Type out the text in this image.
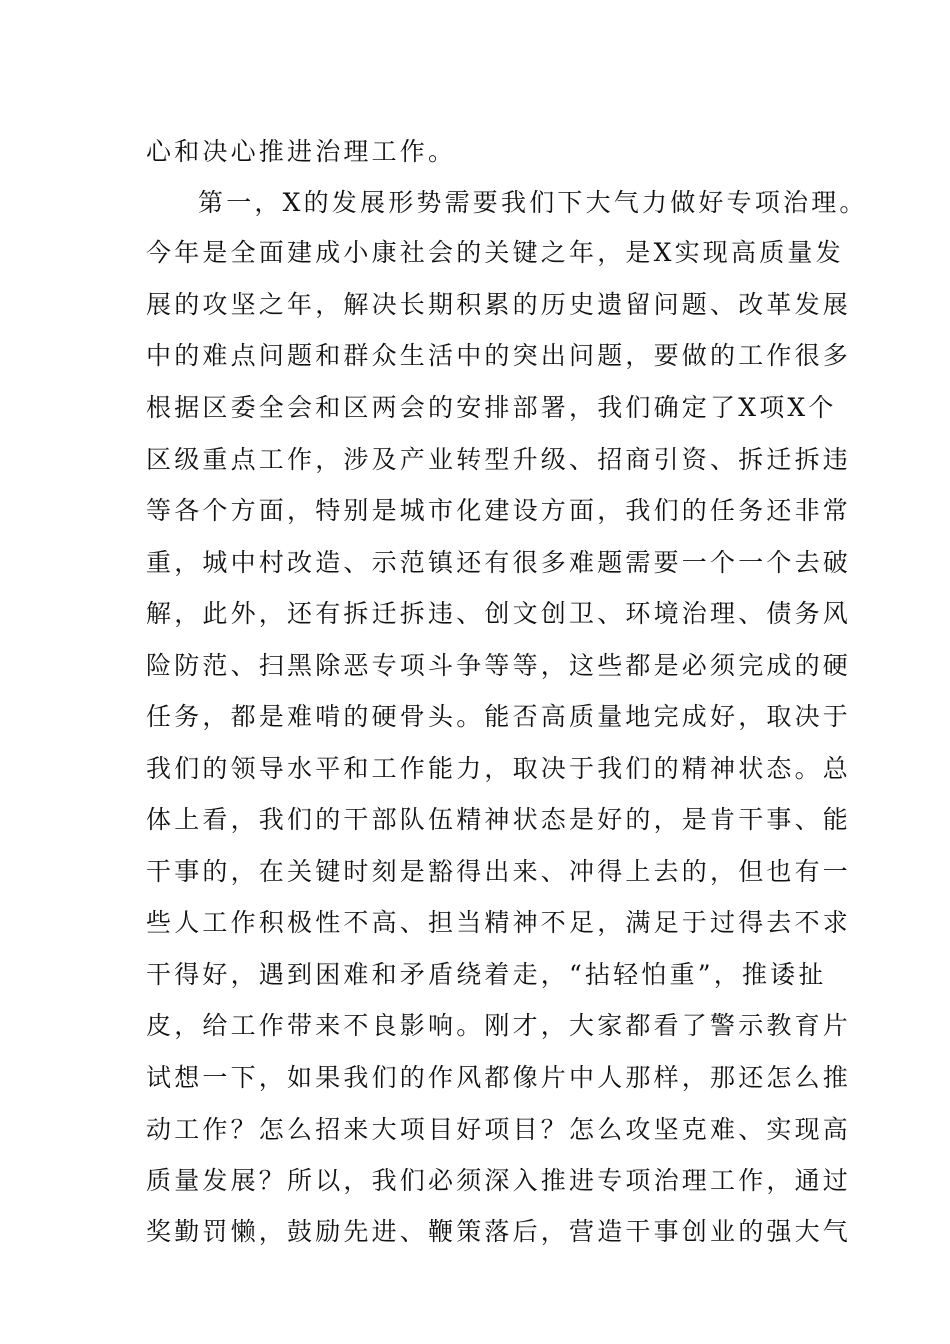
心和决心推进治理工作。
第一，X的发展形势需要我们下大气力做好专项治理。
今年是全面建成小康社会的关键之年，是X实现高质量发
展的攻坚之年，解决长期积累的历史遗留问题、改革发展
中的难点问题和群众生活中的突出问题，要做的工作很多
根据区委全会和区两会的安排部署，我们确定了X项X个
区级重点工作，涉及产业转型升级、招商引资、拆迁拆违
等各个方面，特别是城市化建设方面，我们的任务还非常
重，城中村改造、示范镇还有很多难题需要一个一个去破
解，此外，还有拆迁拆违、创文创卫、环境治理、债务风
险防范、扫黑除恶专项斗争等等，这些都是必须完成的硬
任务，都是难啃的硬骨头。能否高质量地完成好，取决于
我们的领导水平和工作能力，取决于我们的精神状态。总
体上看，我们的干部队伍精神状态是好的，是肯干事、能
干事的，在关键时刻是豁得出来、冲得上去的，但也有一
些人工作积极性不高、担当精神不足，满足于过得去不求
干得好，遇到困难和矛盾绕着走，“拈轻怕重”，推诿扯
皮，给工作带来不良影响。刚才，大家都看了警示教育片
试想一下，如果我们的作风都像片中人那样，那还怎么推
动工作？怎么招来大项目好项目？怎么攻坚克难、实现高
质量发展？所以，我们必须深入推进专项治理工作，通过
奖勤罚懒，鼓励先进、鞭策落后，营造干事创业的强大气
